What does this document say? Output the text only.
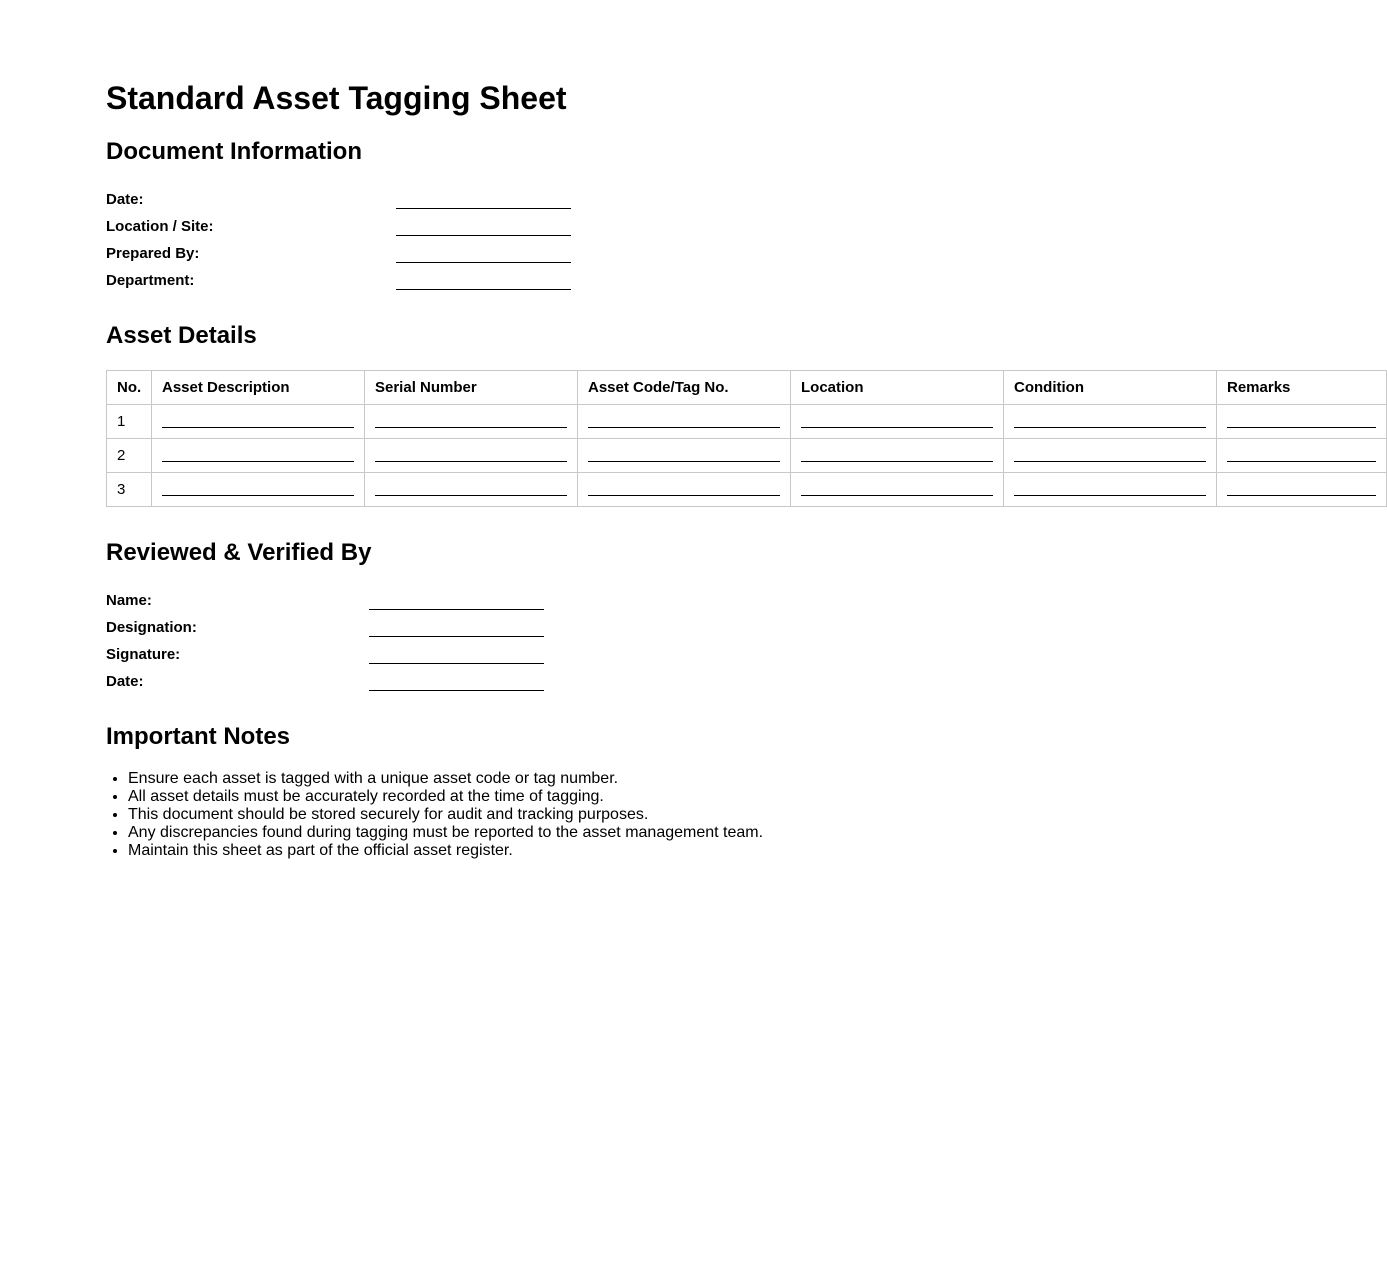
Standard Asset Tagging Sheet
Document Information
Date:
Location / Site:
Prepared By:
Department:
Asset Details
No.	Asset Description	Serial Number	Asset Code/Tag No.	Location	Condition	Remarks
1	

2	

3	

Reviewed & Verified By
Name:
Designation:
Signature:
Date:
Important Notes
• Ensure each asset is tagged with a unique asset code or tag number.
• All asset details must be accurately recorded at the time of tagging.
• This document should be stored securely for audit and tracking purposes.
• Any discrepancies found during tagging must be reported to the asset management team.
• Maintain this sheet as part of the official asset register.
